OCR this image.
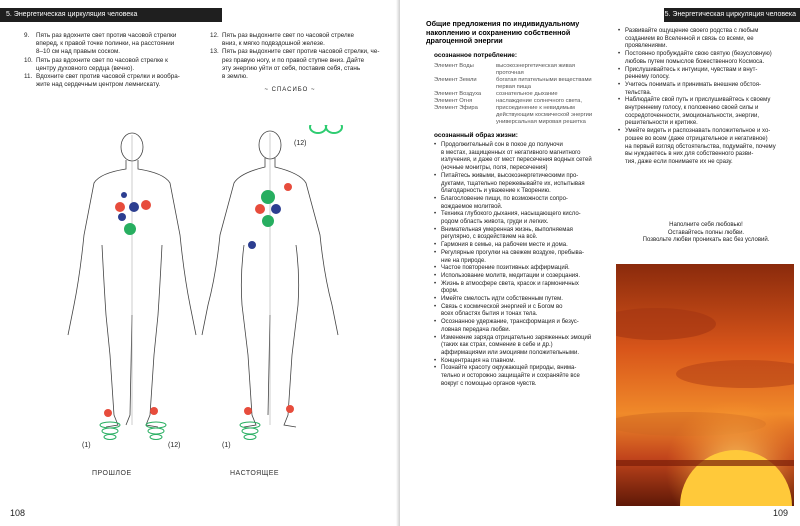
5. Энергетическая циркуляция человека
9. Пять раз вдохните свет против часовой стрелки
вперед, к правой точке полинки, на расстоянии
8–10 см над правым соском.
10. Пять раз вдохните свет по часовой стрелке к
центру духовного сердца (вечно).
11. Вдохните свет против часовой стрелки и вообра-
жите над сердечным центром лемнискату.
12. Пять раз выдохните свет по часовой стрелке
вниз, к мягко подвздошной железе.
13. Пять раз выдохните свет против часовой стрелки, че-
рез правую ногу, и по правой ступне вниз. Дайте
эту энергию уйти от себя, поставив себя, стань
в землю.
~ СПАСИБО ~
(12)
(1)	(12)	(1)
ПРОШЛОЕ	НАСТОЯЩЕЕ
108
5. Энергетическая циркуляция человека
Общие предложения по индивидуальному
накоплению и сохранению собственной
драгоценной энергии
осознанное потребление:
Элемент Воды	высокоэнергетическая живая
проточная
Элемент Земли	богатая питательными веществами
первая пища
Элемент Воздуха	сознательное дыхание
Элемент Огня	наслаждение солнечного света,
Элемент Эфира	присоединение к невидимым
действующим космической энергии
универсальная мировая решетка
осознанный образ жизни:
• Продолжительный сон в покое до полуночи
в местах, защищенных от негативного магнитного
излучения, и даже от мест пересечения водных сетей
(ночные монитры, поля, пересечения)
• Питайтесь живыми, высокоэнергетическими про-
дуктами, тщательно пережевывайте их, испытывая
благодарность и уважение к Творению.
• Благословение пищи, по возможности сопро-
вождаемое молитвой.
• Техника глубокого дыхания, насыщающего кисло-
родом область живота, груди и легких.
• Внимательная умеренная жизнь, выполняемая
регулярно, с воздействием на всё.
• Гармония в семье, на рабочем месте и дома.
• Регулярные прогулки на свежем воздухе, пребыва-
ние на природе.
• Частое повторение позитивных аффирмаций.
• Использование молитв, медитации и созерцания.
• Жизнь в атмосфере света, красок и гармоничных
форм.
• Имейте смелость идти собственным путем.
• Связь с космической энергией и с Богом во
всех областях бытия и тонах тела.
• Осознанное удержание, трансформация и безус-
ловная передача любви.
• Изменение заряда отрицательно заряженных эмоций
(таких как страх, сомнение в себе и др.)
аффирмациями или эмоциями положительными.
• Концентрация на главном.
• Познайте красоту окружающей природы, внима-
тельно и осторожно защищайте и сохраняйте все
вокруг с помощью органов чувств.
• Развивайте ощущение своего родства с любым
созданием во Вселенной и связь со всеми, ее
проявлениями.
• Постоянно пробуждайте свою святую (безусловную)
любовь путем помыслов божественного Космоса.
• Прислушивайтесь к интуиции, чувствам и внут-
реннему голосу.
• Учитесь понимать и принимать внешние обстоя-
тельства.
• Наблюдайте свой путь и прислушивайтесь к своему
внутреннему голосу, к положению своей силы и
сосредоточенности, эмоциональности, энергии,
решительности и критике.
• Умейте видеть и распознавать положительное и хо-
рошее во всем (даже отрицательное и негативное)
на первый взгляд обстоятельства, подумайте, почему
вы нуждаетесь в них для собственного разви-
тия, даже если понимаете их не сразу.
Наполните себя любовью!
Оставайтесь полны любви.
Позвольте любви проникать вас без условий.
109
